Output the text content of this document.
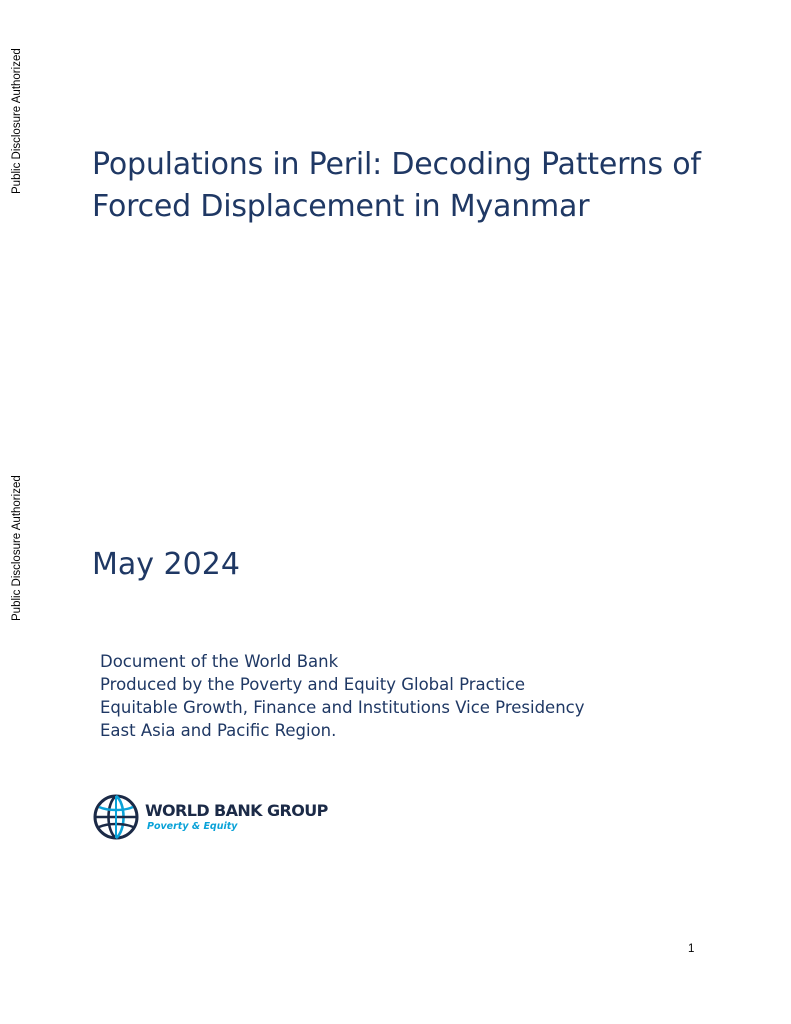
Public Disclosure Authorized
Public Disclosure Authorized
Populations in Peril: Decoding Patterns of
Forced Displacement in Myanmar
May 2024
Document of the World Bank
Produced by the Poverty and Equity Global Practice
Equitable Growth, Finance and Institutions Vice Presidency
East Asia and Pacific Region.
WORLD BANK GROUP
Poverty & Equity
1
